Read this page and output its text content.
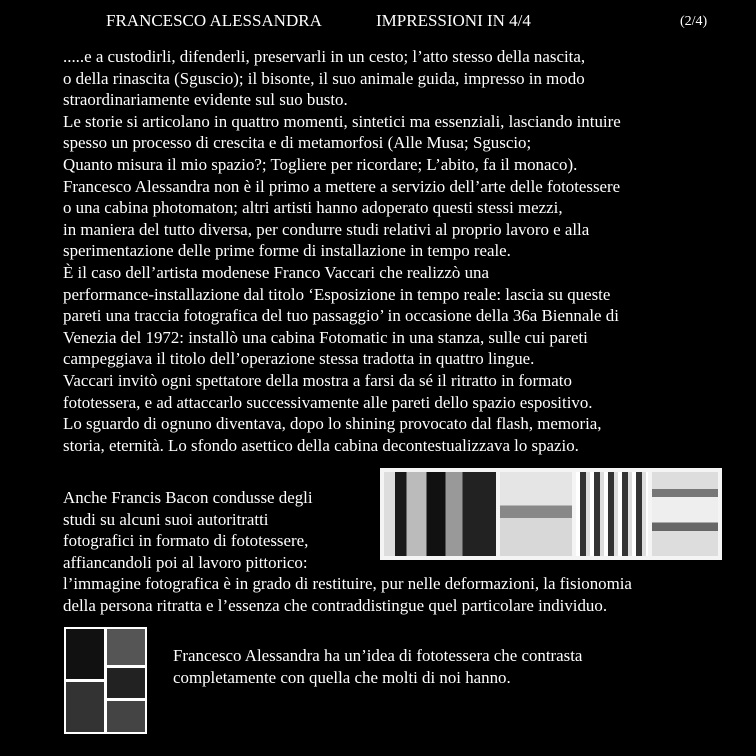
FRANCESCO ALESSANDRA	IMPRESSIONI IN 4/4	(2/4)
.....e a custodirli, difenderli, preservarli in un cesto; l’atto stesso della nascita,
o della rinascita (Sguscio); il bisonte, il suo animale guida, impresso in modo
straordinariamente evidente sul suo busto.
Le storie si articolano in quattro momenti, sintetici ma essenziali, lasciando intuire
spesso un processo di crescita e di metamorfosi (Alle Musa; Sguscio;
Quanto misura il mio spazio?; Togliere per ricordare; L’abito, fa il monaco).
Francesco Alessandra non è il primo a mettere a servizio dell’arte delle fototessere
o una cabina photomaton; altri artisti hanno adoperato questi stessi mezzi,
in maniera del tutto diversa, per condurre studi relativi al proprio lavoro e alla
sperimentazione delle prime forme di installazione in tempo reale.
È il caso dell’artista modenese Franco Vaccari che realizzò una
performance-installazione dal titolo ‘Esposizione in tempo reale: lascia su queste
pareti una traccia fotografica del tuo passaggio’ in occasione della 36a Biennale di
Venezia del 1972: installò una cabina Fotomatic in una stanza, sulle cui pareti
campeggiava il titolo dell’operazione stessa tradotta in quattro lingue.
Vaccari invitò ogni spettatore della mostra a farsi da sé il ritratto in formato
fototessera, e ad attaccarlo successivamente alle pareti dello spazio espositivo.
Lo sguardo di ognuno diventava, dopo lo shining provocato dal flash, memoria,
storia, eternità. Lo sfondo asettico della cabina decontestualizzava lo spazio.
Anche Francis Bacon condusse degli
studi su alcuni suoi autoritratti
fotografici in formato di fototessere,
affiancandoli poi al lavoro pittorico:
l’immagine fotografica è in grado di restituire, pur nelle deformazioni, la fisionomia
della persona ritratta e l’essenza che contraddistingue quel particolare individuo.
Francesco Alessandra ha un’idea di fototessera che contrasta
completamente con quella che molti di noi hanno.
